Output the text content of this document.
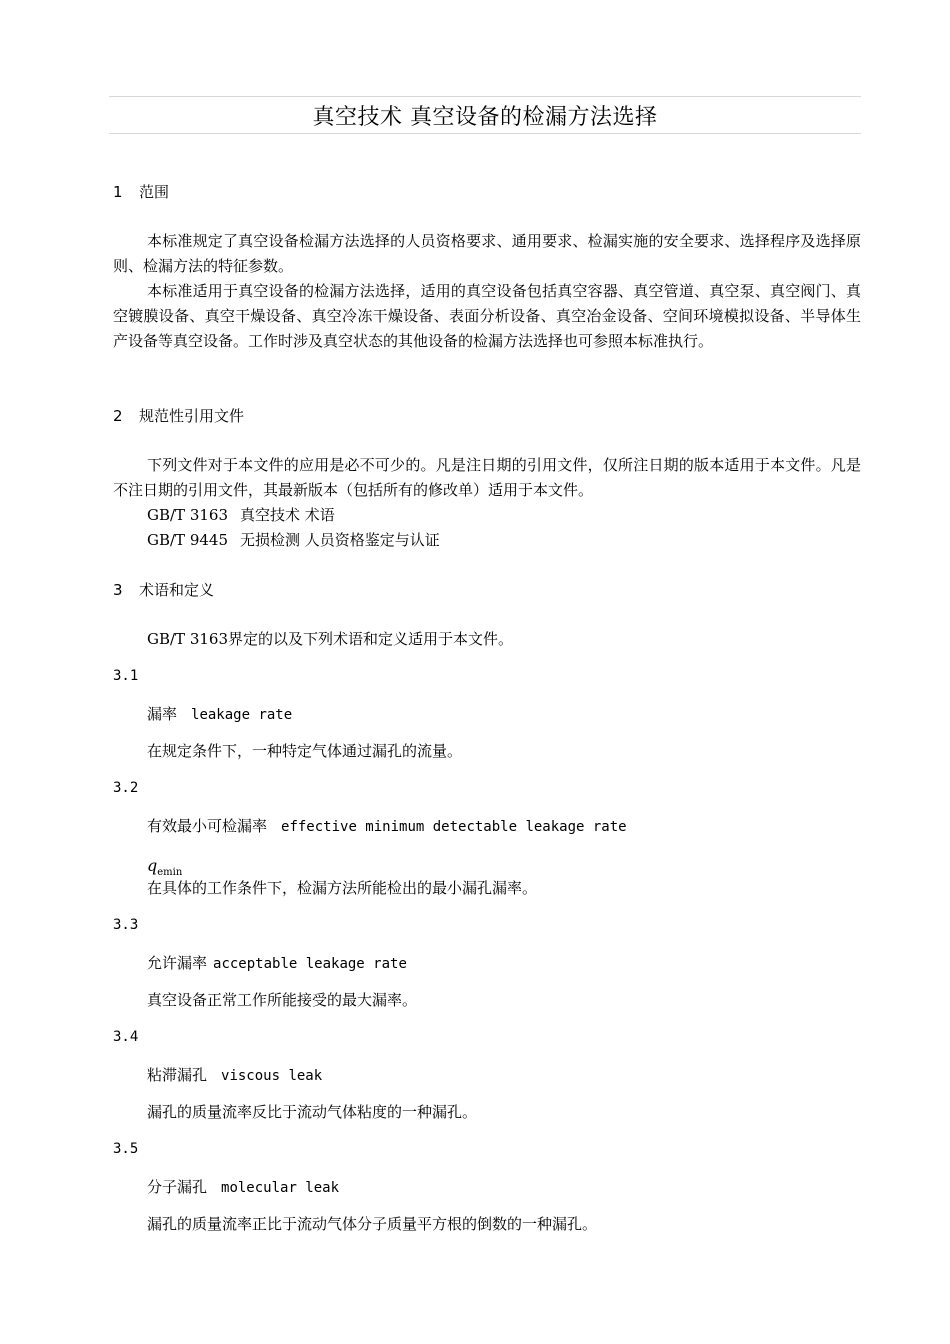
真空技术 真空设备的检漏方法选择
1 范围
本标准规定了真空设备检漏方法选择的人员资格要求、通用要求、检漏实施的安全要求、选择程序及选择原则、检漏方法的特征参数。
本标准适用于真空设备的检漏方法选择，适用的真空设备包括真空容器、真空管道、真空泵、真空阀门、真空镀膜设备、真空干燥设备、真空冷冻干燥设备、表面分析设备、真空冶金设备、空间环境模拟设备、半导体生产设备等真空设备。工作时涉及真空状态的其他设备的检漏方法选择也可参照本标准执行。
2 规范性引用文件
下列文件对于本文件的应用是必不可少的。凡是注日期的引用文件，仅所注日期的版本适用于本文件。凡是不注日期的引用文件，其最新版本（包括所有的修改单）适用于本文件。
GB/T 3163 真空技术 术语
GB/T 9445 无损检测 人员资格鉴定与认证
3 术语和定义
GB/T 3163界定的以及下列术语和定义适用于本文件。
3.1
漏率 leakage rate
在规定条件下，一种特定气体通过漏孔的流量。
3.2
有效最小可检漏率 effective minimum detectable leakage rate
$q_{emin}$
在具体的工作条件下，检漏方法所能检出的最小漏孔漏率。
3.3
允许漏率 acceptable leakage rate
真空设备正常工作所能接受的最大漏率。
3.4
粘滞漏孔 viscous leak
漏孔的质量流率反比于流动气体粘度的一种漏孔。
3.5
分子漏孔 molecular leak
漏孔的质量流率正比于流动气体分子质量平方根的倒数的一种漏孔。
